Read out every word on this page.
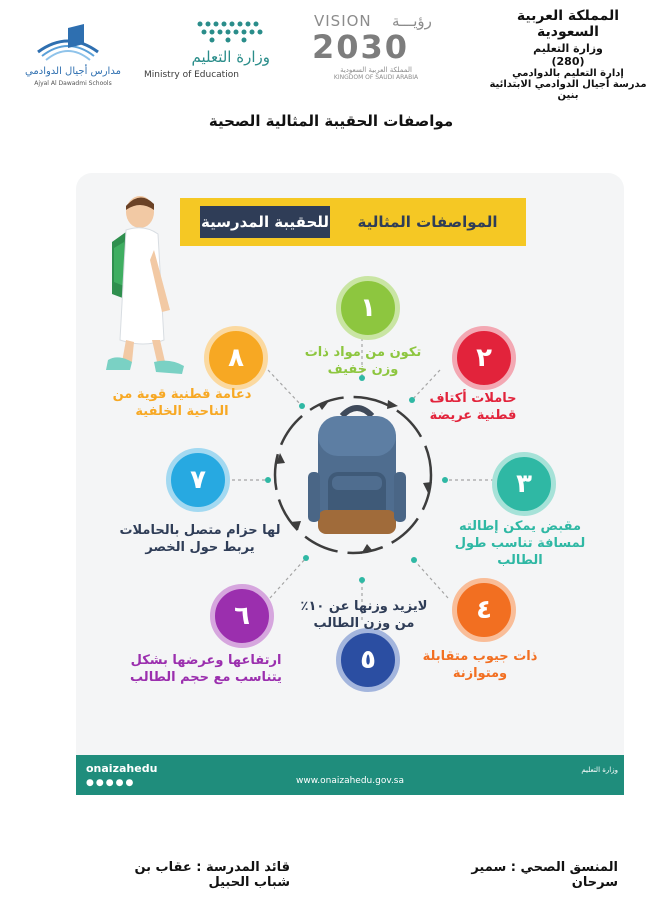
المملكة العربية السعودية
وزارة التعليم
(280)
إدارة التعليم بالدوادمي
مدرسة أجيال الدوادمي الابتدائية بنين
VISION رؤيـــة
2030
المملكة العربية السعودية
KINGDOM OF SAUDI ARABIA
وزارة التعليم
Ministry of Education
مدارس أجيال الدوادمي
Ajyal Al Dawadmi Schools
مواصفات الحقيبة المثالية الصحية
للحقيبة المدرسية	المواصفات المثالية
١
٢
٣
٤
٥
٦
٧
٨	تكون من مواد ذات وزن خفيف
حاملات أكتاف قطنية عريضة
مقبض يمكن إطالته لمسافة تناسب طول الطالب
ذات جيوب متقابلة ومتوازنة
لايزيد وزنها عن ١٠٪ من وزن الطالب
ارتفاعها وعرضها بشكل يتناسب مع حجم الطالب
لها حزام متصل بالحاملات يربط حول الخصر
دعامة قطنية قوية من الناحية الخلفية
onaizahedu
●●●●●	www.onaizahedu.gov.sa
وزارة التعليم
المنسق الصحي : سمير سرحان
قائد المدرسة : عقاب بن شباب الحبيل
